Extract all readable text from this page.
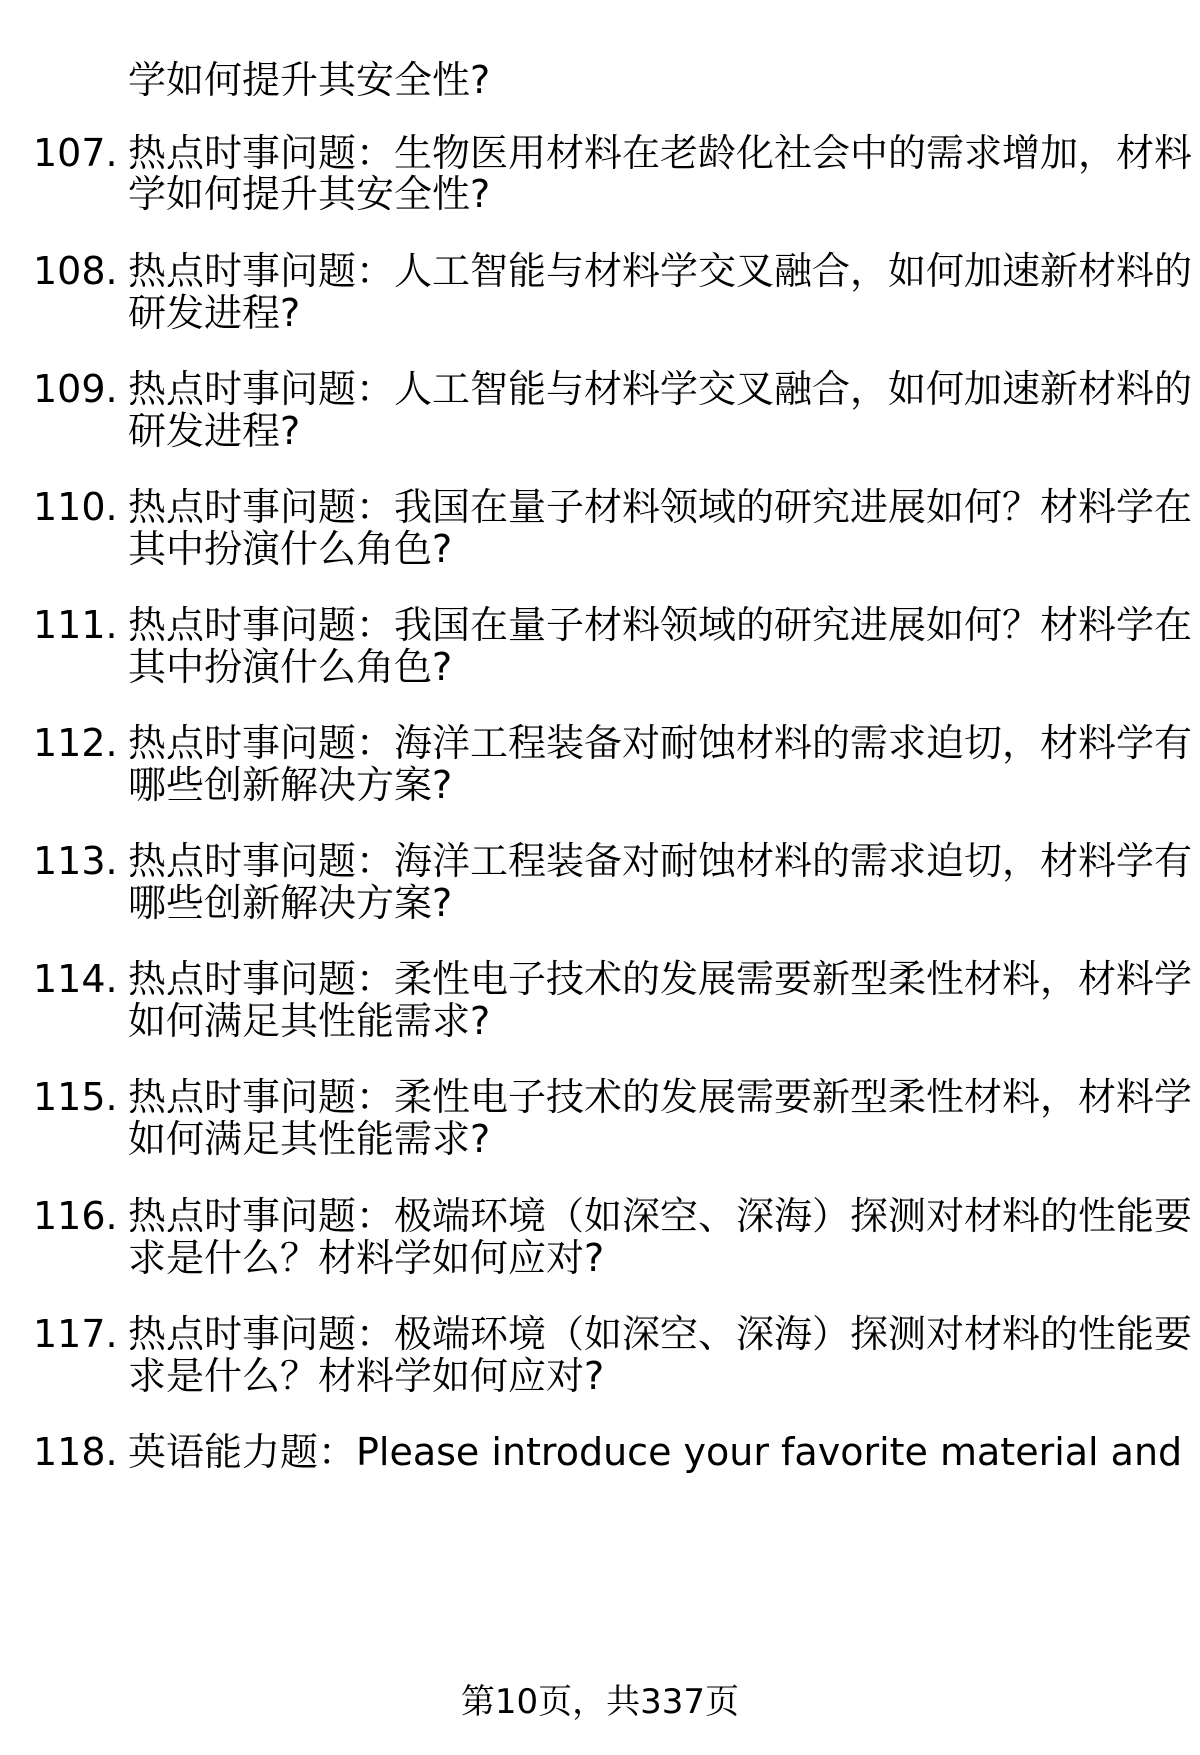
学如何提升其安全性?
107. 热点时事问题：生物医用材料在老龄化社会中的需求增加，材料
学如何提升其安全性?
108. 热点时事问题：人工智能与材料学交叉融合，如何加速新材料的
研发进程?
109. 热点时事问题：人工智能与材料学交叉融合，如何加速新材料的
研发进程?
110. 热点时事问题：我国在量子材料领域的研究进展如何？材料学在
其中扮演什么角色?
111. 热点时事问题：我国在量子材料领域的研究进展如何？材料学在
其中扮演什么角色?
112. 热点时事问题：海洋工程装备对耐蚀材料的需求迫切，材料学有
哪些创新解决方案?
113. 热点时事问题：海洋工程装备对耐蚀材料的需求迫切，材料学有
哪些创新解决方案?
114. 热点时事问题：柔性电子技术的发展需要新型柔性材料，材料学
如何满足其性能需求?
115. 热点时事问题：柔性电子技术的发展需要新型柔性材料，材料学
如何满足其性能需求?
116. 热点时事问题：极端环境（如深空、深海）探测对材料的性能要
求是什么？材料学如何应对?
117. 热点时事问题：极端环境（如深空、深海）探测对材料的性能要
求是什么？材料学如何应对?
118. 英语能力题：Please introduce your favorite material and
第10页，共337页
